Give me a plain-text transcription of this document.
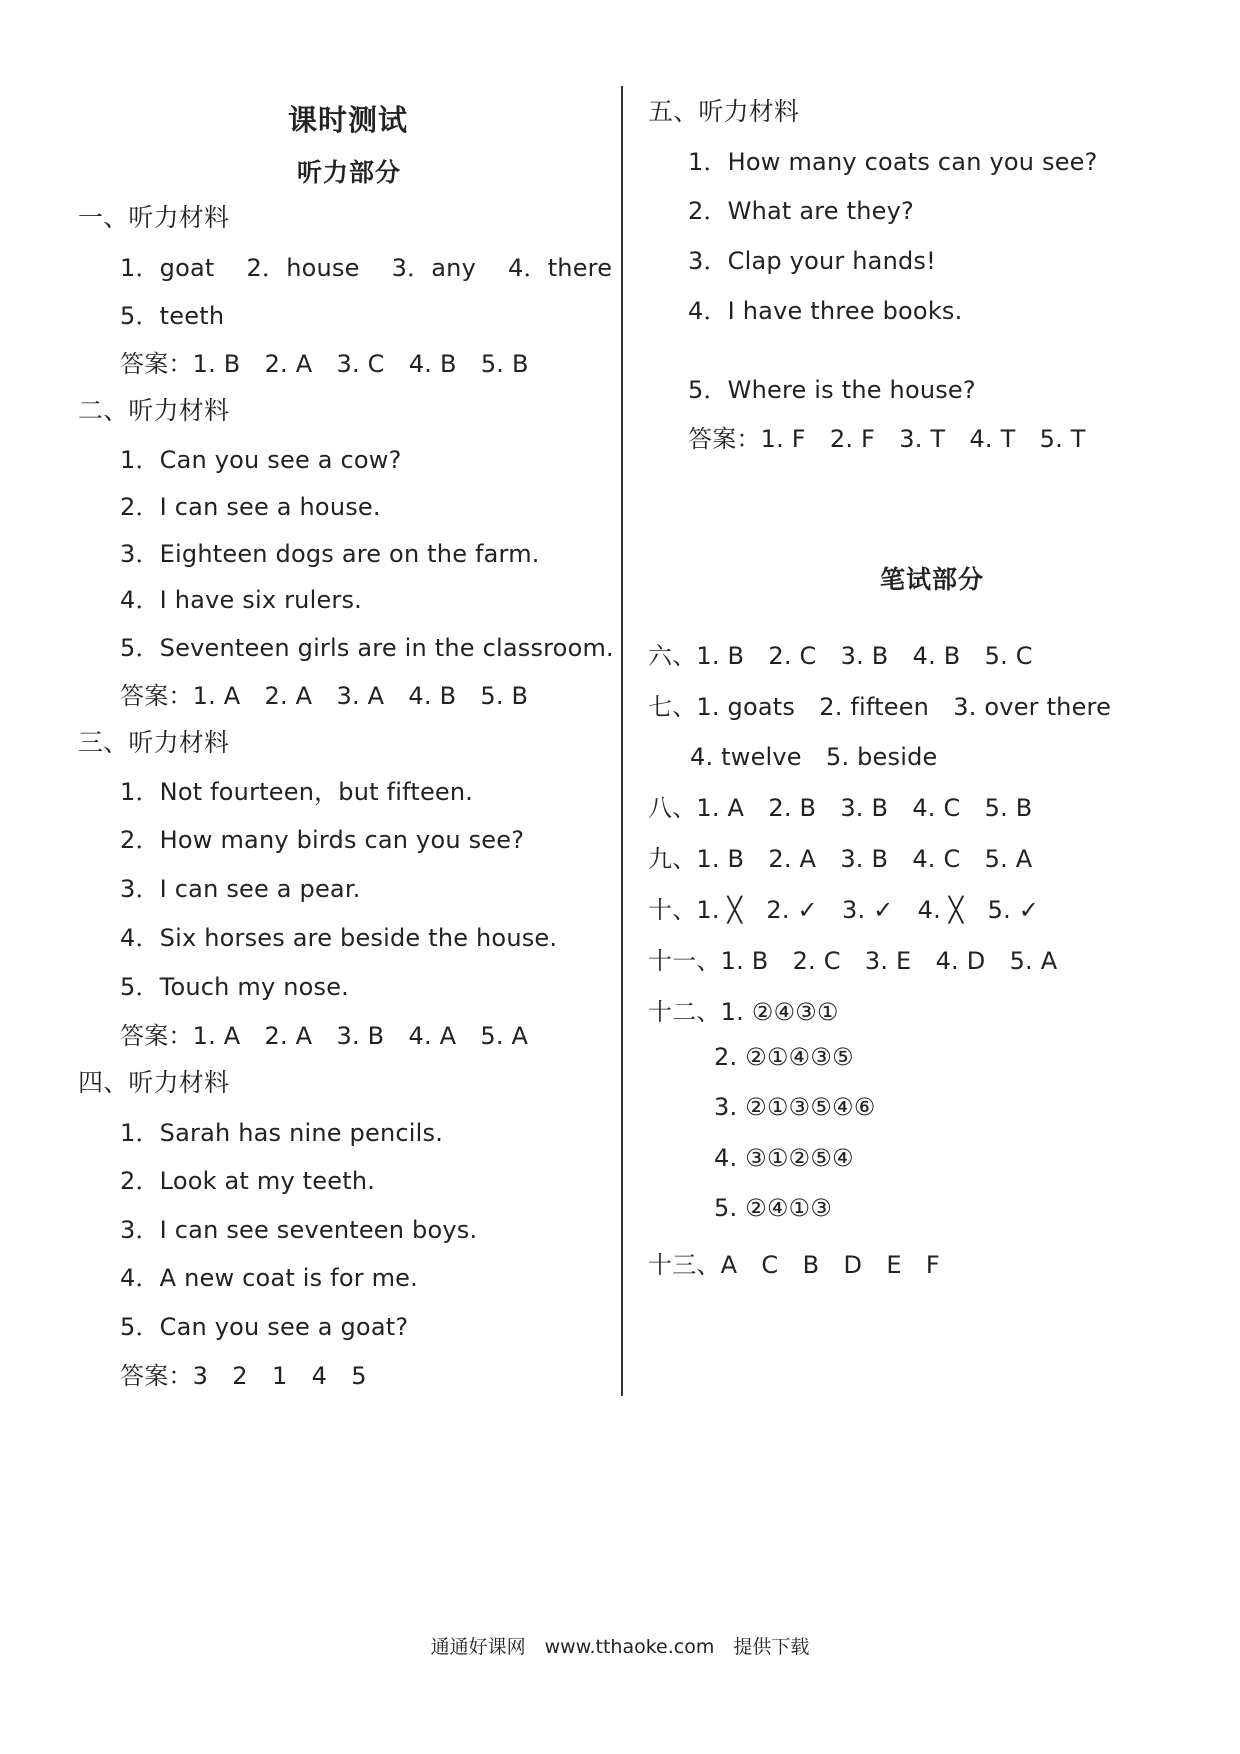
课时测试
听力部分
一、听力材料
1．goat　 2．house　 3．any　 4．there
5．teeth
答案：1. B　2. A　3. C　4. B　5. B
二、听力材料
1．Can you see a cow?
2．I can see a house.
3．Eighteen dogs are on the farm.
4．I have six rulers.
5．Seventeen girls are in the classroom.
答案：1. A　2. A　3. A　4. B　5. B
三、听力材料
1．Not fourteen，but fifteen.
2．How many birds can you see?
3．I can see a pear.
4．Six horses are beside the house.
5．Touch my nose.
答案：1. A　2. A　3. B　4. A　5. A
四、听力材料
1．Sarah has nine pencils.
2．Look at my teeth.
3．I can see seventeen boys.
4．A new coat is for me.
5．Can you see a goat?
答案：3　2　1　4　5
五、听力材料
1．How many coats can you see?
2．What are they?
3．Clap your hands!
4．I have three books.
5．Where is the house?
答案：1. F　2. F　3. T　4. T　5. T
笔试部分
六、1. B　2. C　3. B　4. B　5. C
七、1. goats　2. fifteen　3. over there
4. twelve　5. beside
八、1. A　2. B　3. B　4. C　5. B
九、1. B　2. A　3. B　4. C　5. A
十、1. ╳　2. ✓　3. ✓　4. ╳　5. ✓
十一、1. B　2. C　3. E　4. D　5. A
十二、1. ②④③①
2. ②①④③⑤
3. ②①③⑤④⑥
4. ③①②⑤④
5. ②④①③
十三、A　C　B　D　E　F
通通好课网　www.tthaoke.com　提供下载
